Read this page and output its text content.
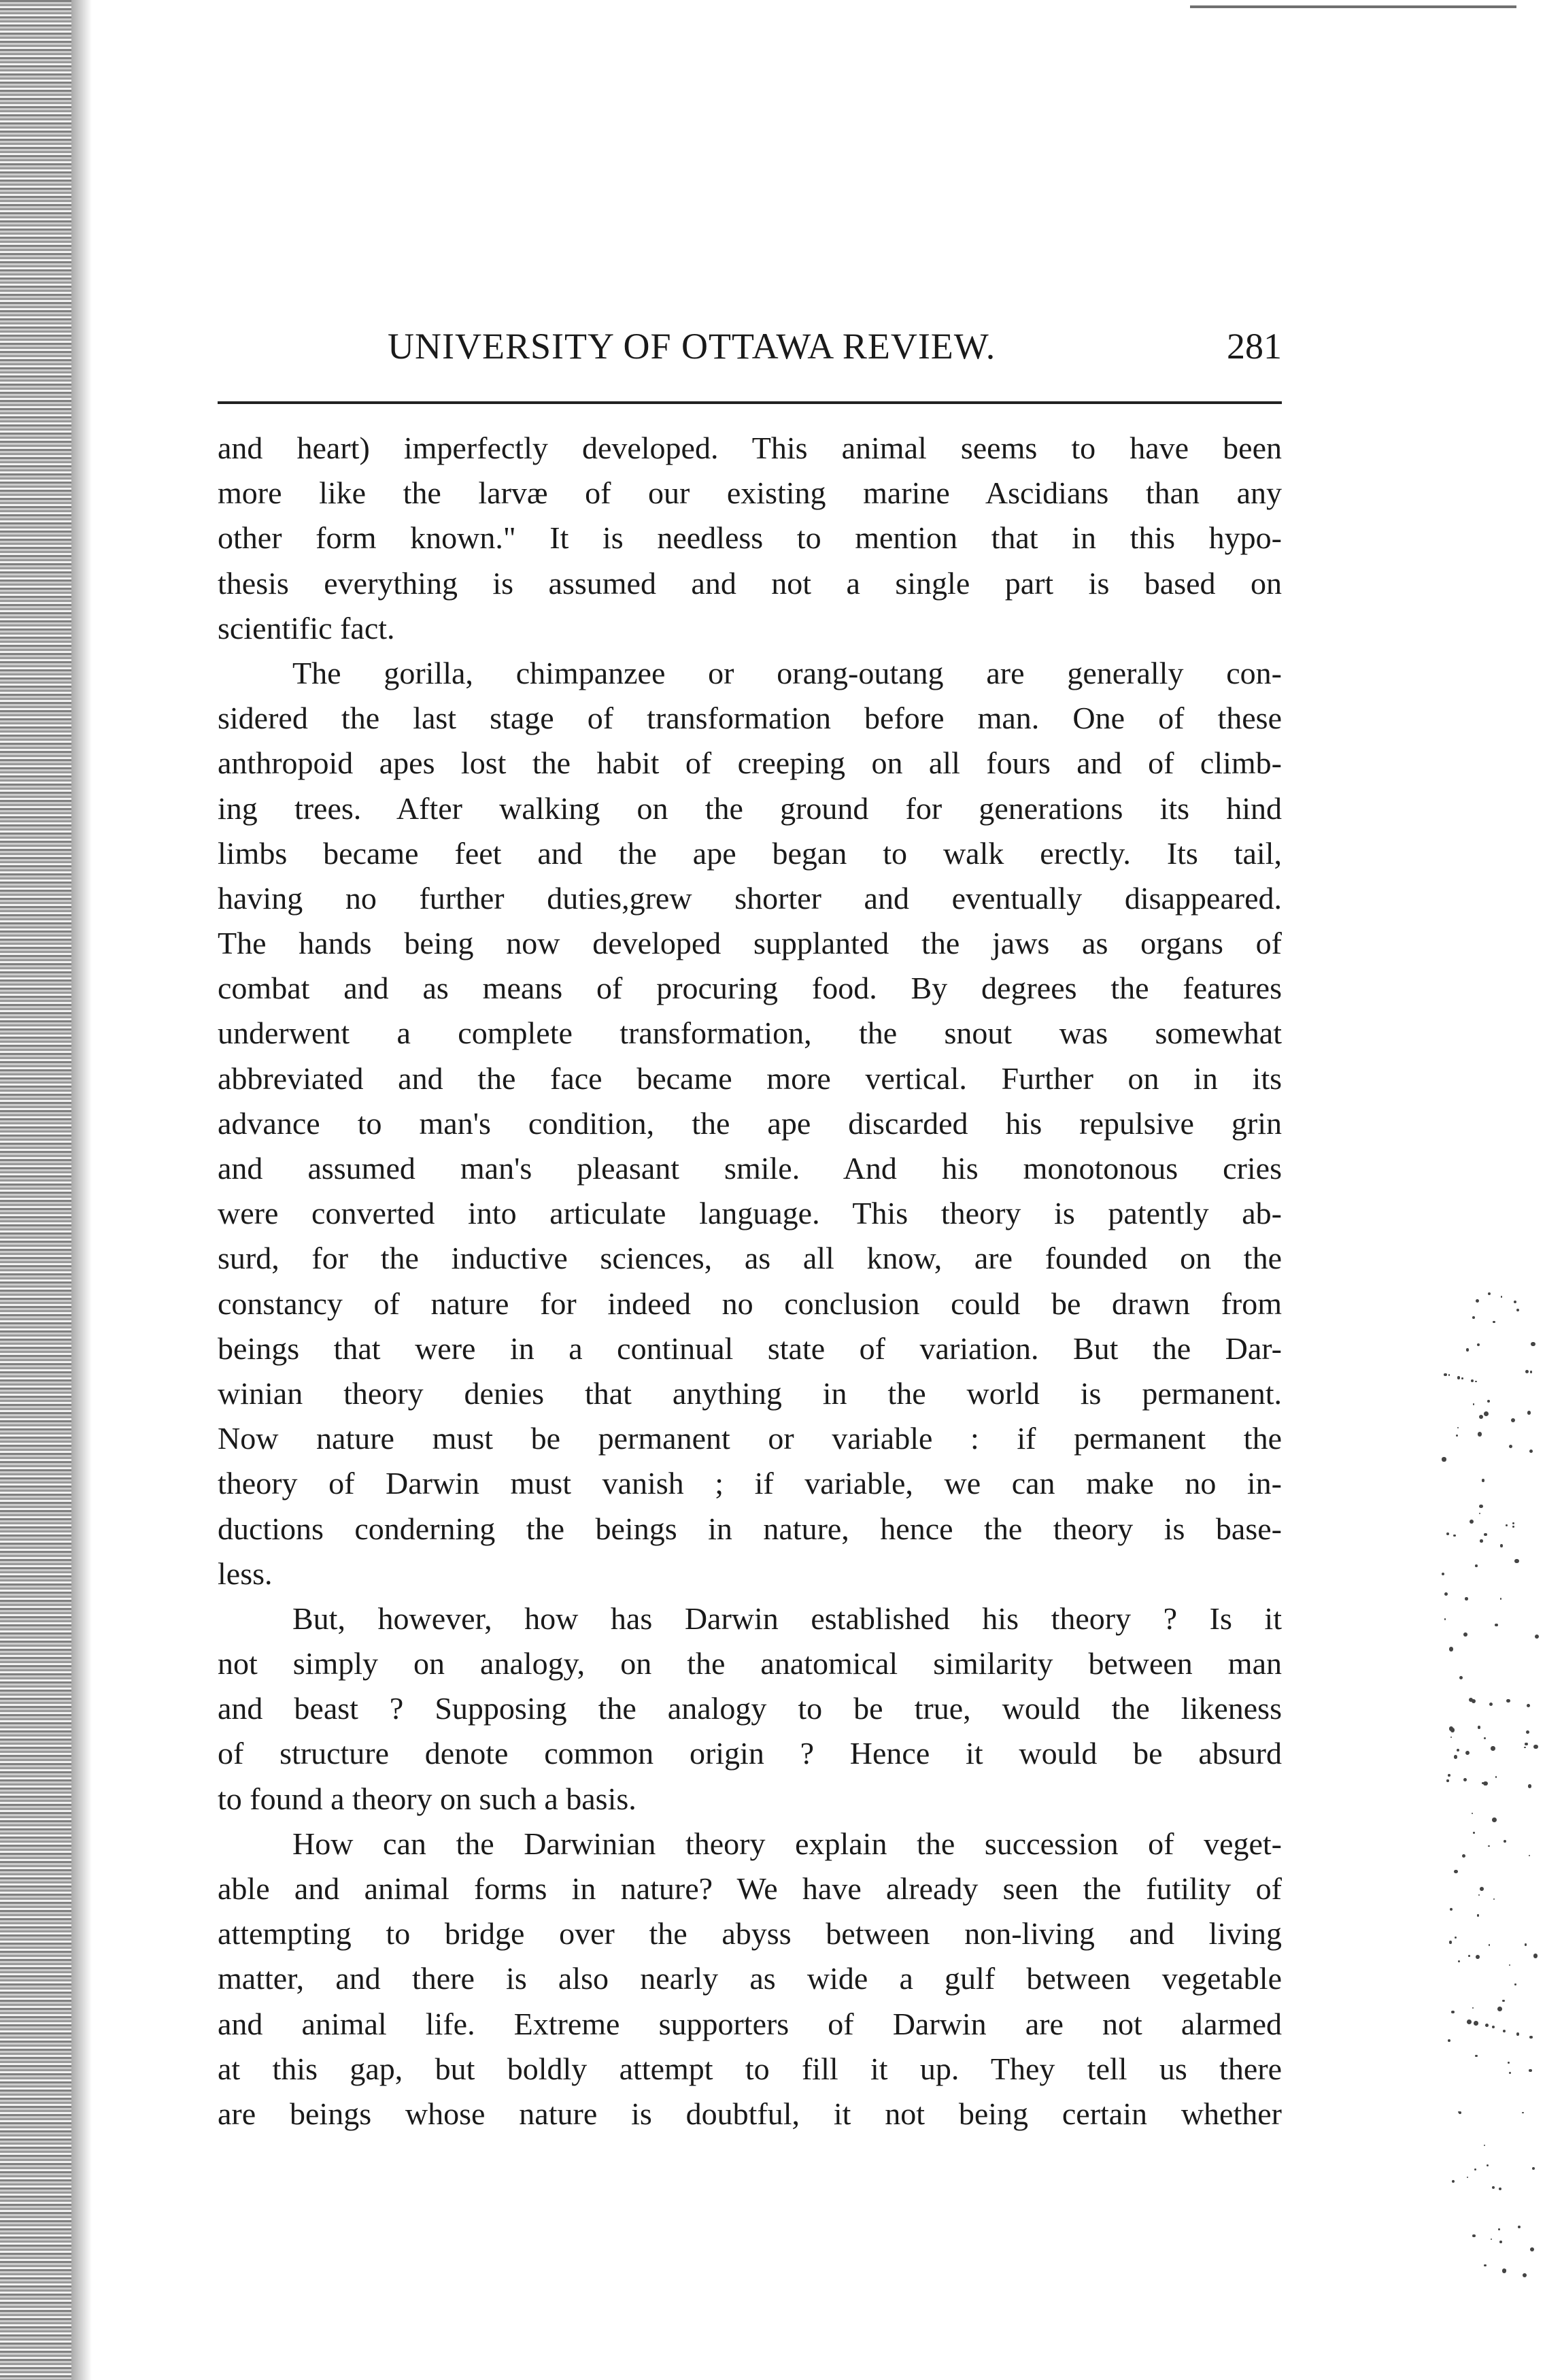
UNIVERSITY OF OTTAWA REVIEW.	281
and heart) imperfectly developed. This animal seems to have been
more like the larvæ of our existing marine Ascidians than any
other form known." It is needless to mention that in this hypo-
thesis everything is assumed and not a single part is based on
scientific fact.
The gorilla, chimpanzee or orang-outang are generally con-
sidered the last stage of transformation before man. One of these
anthropoid apes lost the habit of creeping on all fours and of climb-
ing trees. After walking on the ground for generations its hind
limbs became feet and the ape began to walk erectly. Its tail,
having no further duties,grew shorter and eventually disappeared.
The hands being now developed supplanted the jaws as organs of
combat and as means of procuring food. By degrees the features
underwent a complete transformation, the snout was somewhat
abbreviated and the face became more vertical. Further on in its
advance to man's condition, the ape discarded his repulsive grin
and assumed man's pleasant smile. And his monotonous cries
were converted into articulate language. This theory is patently ab-
surd, for the inductive sciences, as all know, are founded on the
constancy of nature for indeed no conclusion could be drawn from
beings that were in a continual state of variation. But the Dar-
winian theory denies that anything in the world is permanent.
Now nature must be permanent or variable : if permanent the
theory of Darwin must vanish ; if variable, we can make no in-
ductions conderning the beings in nature, hence the theory is base-
less.
But, however, how has Darwin established his theory ? Is it
not simply on analogy, on the anatomical similarity between man
and beast ? Supposing the analogy to be true, would the likeness
of structure denote common origin ? Hence it would be absurd
to found a theory on such a basis.
How can the Darwinian theory explain the succession of veget-
able and animal forms in nature? We have already seen the futility of
attempting to bridge over the abyss between non-living and living
matter, and there is also nearly as wide a gulf between vegetable
and animal life. Extreme supporters of Darwin are not alarmed
at this gap, but boldly attempt to fill it up. They tell us there
are beings whose nature is doubtful, it not being certain whether
